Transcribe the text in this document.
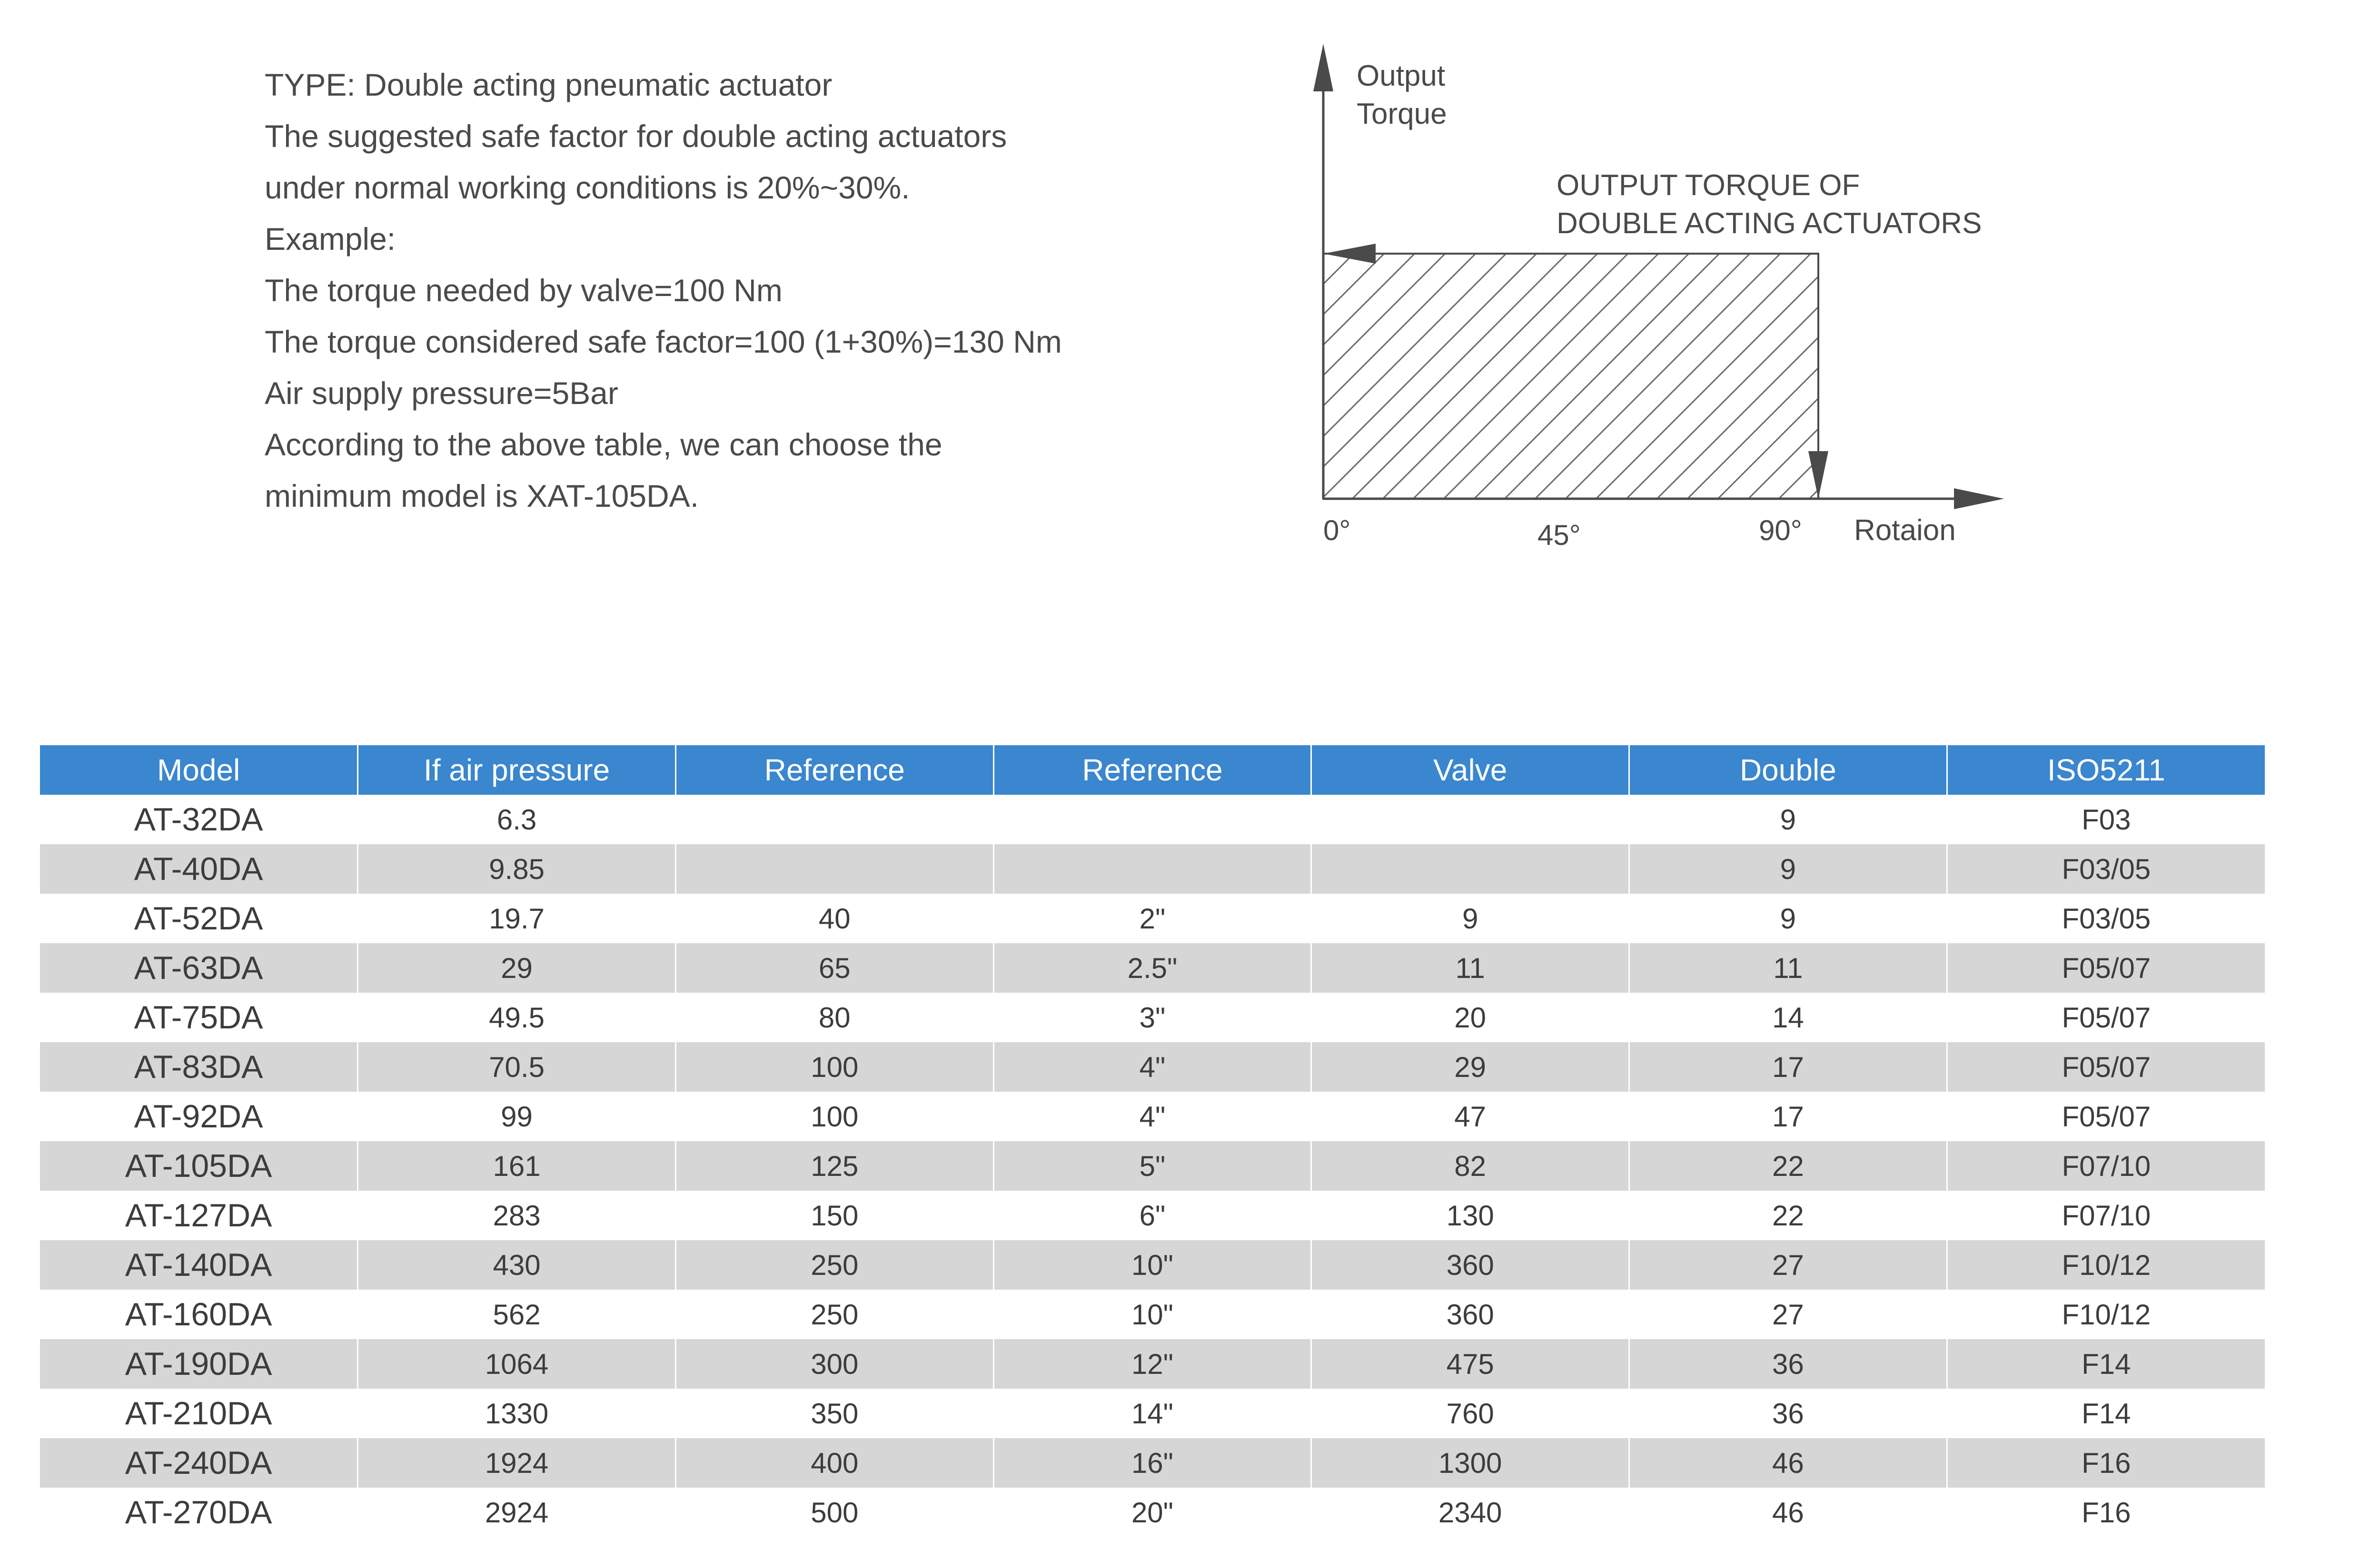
TYPE: Double acting pneumatic actuator
The suggested safe factor for double acting actuators
under normal working conditions is 20%~30%.
Example:
The torque needed by valve=100 Nm
The torque considered safe factor=100 (1+30%)=130 Nm
Air supply pressure=5Bar
According to the above table, we can choose the
minimum model is XAT-105DA.
Output
Torque
OUTPUT TORQUE OF
DOUBLE ACTING ACTUATORS
0°	45°	90° Rotaion
Model	If air pressure	Reference	Reference	Valve	Double	ISO5211
AT-32DA	6.3				9	F03
AT-40DA	9.85				9	F03/05
AT-52DA	19.7	40	2"	9	9	F03/05
AT-63DA	29	65	2.5"	11	11	F05/07
AT-75DA	49.5	80	3"	20	14	F05/07
AT-83DA	70.5	100	4"	29	17	F05/07
AT-92DA	99	100	4"	47	17	F05/07
AT-105DA	161	125	5"	82	22	F07/10
AT-127DA	283	150	6"	130	22	F07/10
AT-140DA	430	250	10"	360	27	F10/12
AT-160DA	562	250	10"	360	27	F10/12
AT-190DA	1064	300	12"	475	36	F14
AT-210DA	1330	350	14"	760	36	F14
AT-240DA	1924	400	16"	1300	46	F16
AT-270DA	2924	500	20"	2340	46	F16
